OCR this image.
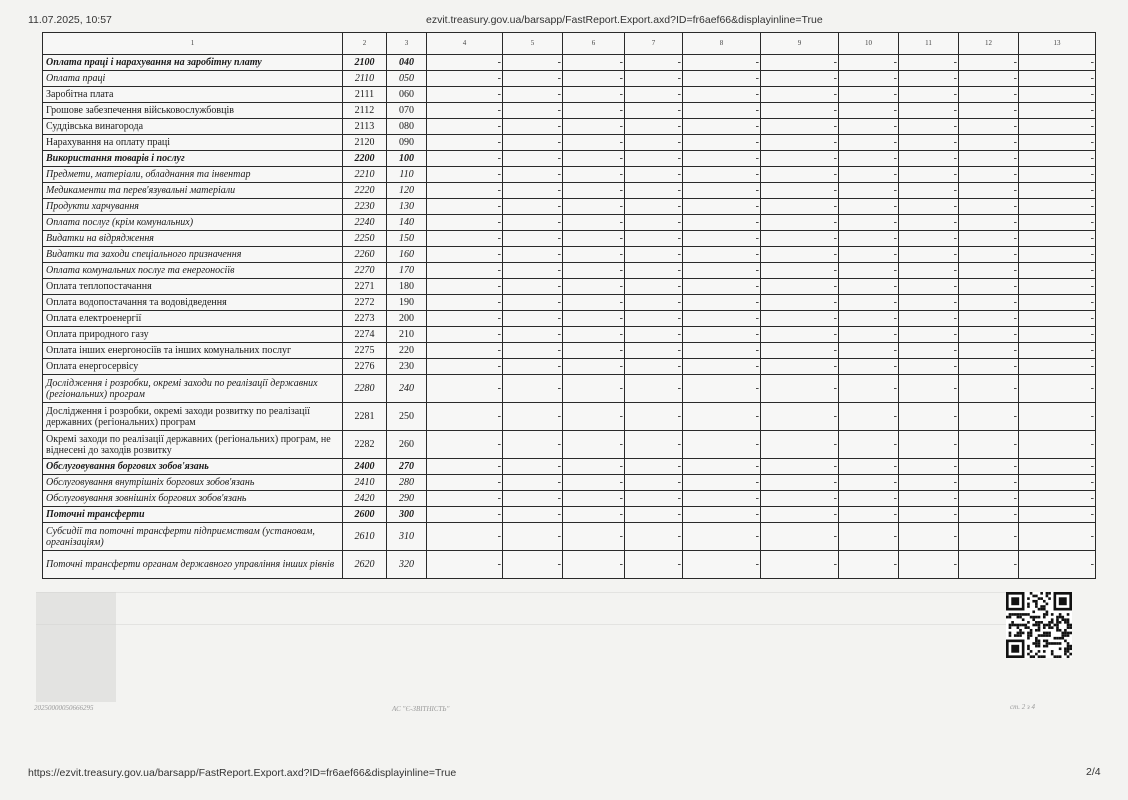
11.07.2025, 10:57	ezvit.treasury.gov.ua/barsapp/FastReport.Export.axd?ID=fr6aef66&displayinline=True
1	2	3	4	5	6	7	8	9	10	11	12	13
Оплата праці і нарахування на заробітну плату	2100	040	-	-	-	-	-	-	-	-	-	-
Оплата праці	2110	050	-	-	-	-	-	-	-	-	-	-
Заробітна плата	2111	060	-	-	-	-	-	-	-	-	-	-
Грошове забезпечення військовослужбовців	2112	070	-	-	-	-	-	-	-	-	-	-
Суддівська винагорода	2113	080	-	-	-	-	-	-	-	-	-	-
Нарахування на оплату праці	2120	090	-	-	-	-	-	-	-	-	-	-
Використання товарів і послуг	2200	100	-	-	-	-	-	-	-	-	-	-
Предмети, матеріали, обладнання та інвентар	2210	110	-	-	-	-	-	-	-	-	-	-
Медикаменти та перев'язувальні матеріали	2220	120	-	-	-	-	-	-	-	-	-	-
Продукти харчування	2230	130	-	-	-	-	-	-	-	-	-	-
Оплата послуг (крім комунальних)	2240	140	-	-	-	-	-	-	-	-	-	-
Видатки на відрядження	2250	150	-	-	-	-	-	-	-	-	-	-
Видатки та заходи спеціального призначення	2260	160	-	-	-	-	-	-	-	-	-	-
Оплата комунальних послуг та енергоносіїв	2270	170	-	-	-	-	-	-	-	-	-	-
Оплата теплопостачання	2271	180	-	-	-	-	-	-	-	-	-	-
Оплата водопостачання та водовідведення	2272	190	-	-	-	-	-	-	-	-	-	-
Оплата електроенергії	2273	200	-	-	-	-	-	-	-	-	-	-
Оплата природного газу	2274	210	-	-	-	-	-	-	-	-	-	-
Оплата інших енергоносіїв та інших комунальних послуг	2275	220	-	-	-	-	-	-	-	-	-	-
Оплата енергосервісу	2276	230	-	-	-	-	-	-	-	-	-	-
Дослідження і розробки, окремі заходи по реалізації державних (регіональних) програм	2280	240	-	-	-	-	-	-	-	-	-	-
Дослідження і розробки, окремі заходи розвитку по реалізації державних (регіональних) програм	2281	250	-	-	-	-	-	-	-	-	-	-
Окремі заходи по реалізації державних (регіональних) програм, не віднесені до заходів розвитку	2282	260	-	-	-	-	-	-	-	-	-	-
Обслуговування боргових зобов'язань	2400	270	-	-	-	-	-	-	-	-	-	-
Обслуговування внутрішніх боргових зобов'язань	2410	280	-	-	-	-	-	-	-	-	-	-
Обслуговування зовнішніх боргових зобов'язань	2420	290	-	-	-	-	-	-	-	-	-	-
Поточні трансферти	2600	300	-	-	-	-	-	-	-	-	-	-
Субсидії та поточні трансферти підприємствам (установам, організаціям)	2610	310	-	-	-	-	-	-	-	-	-	-
Поточні трансферти органам державного управління інших рівнів	2620	320	-	-	-	-	-	-	-	-	-	-
20250000050666295	АС "Є-ЗВІТНІСТЬ"	ст. 2 з 4
https://ezvit.treasury.gov.ua/barsapp/FastReport.Export.axd?ID=fr6aef66&displayinline=True	2/4
